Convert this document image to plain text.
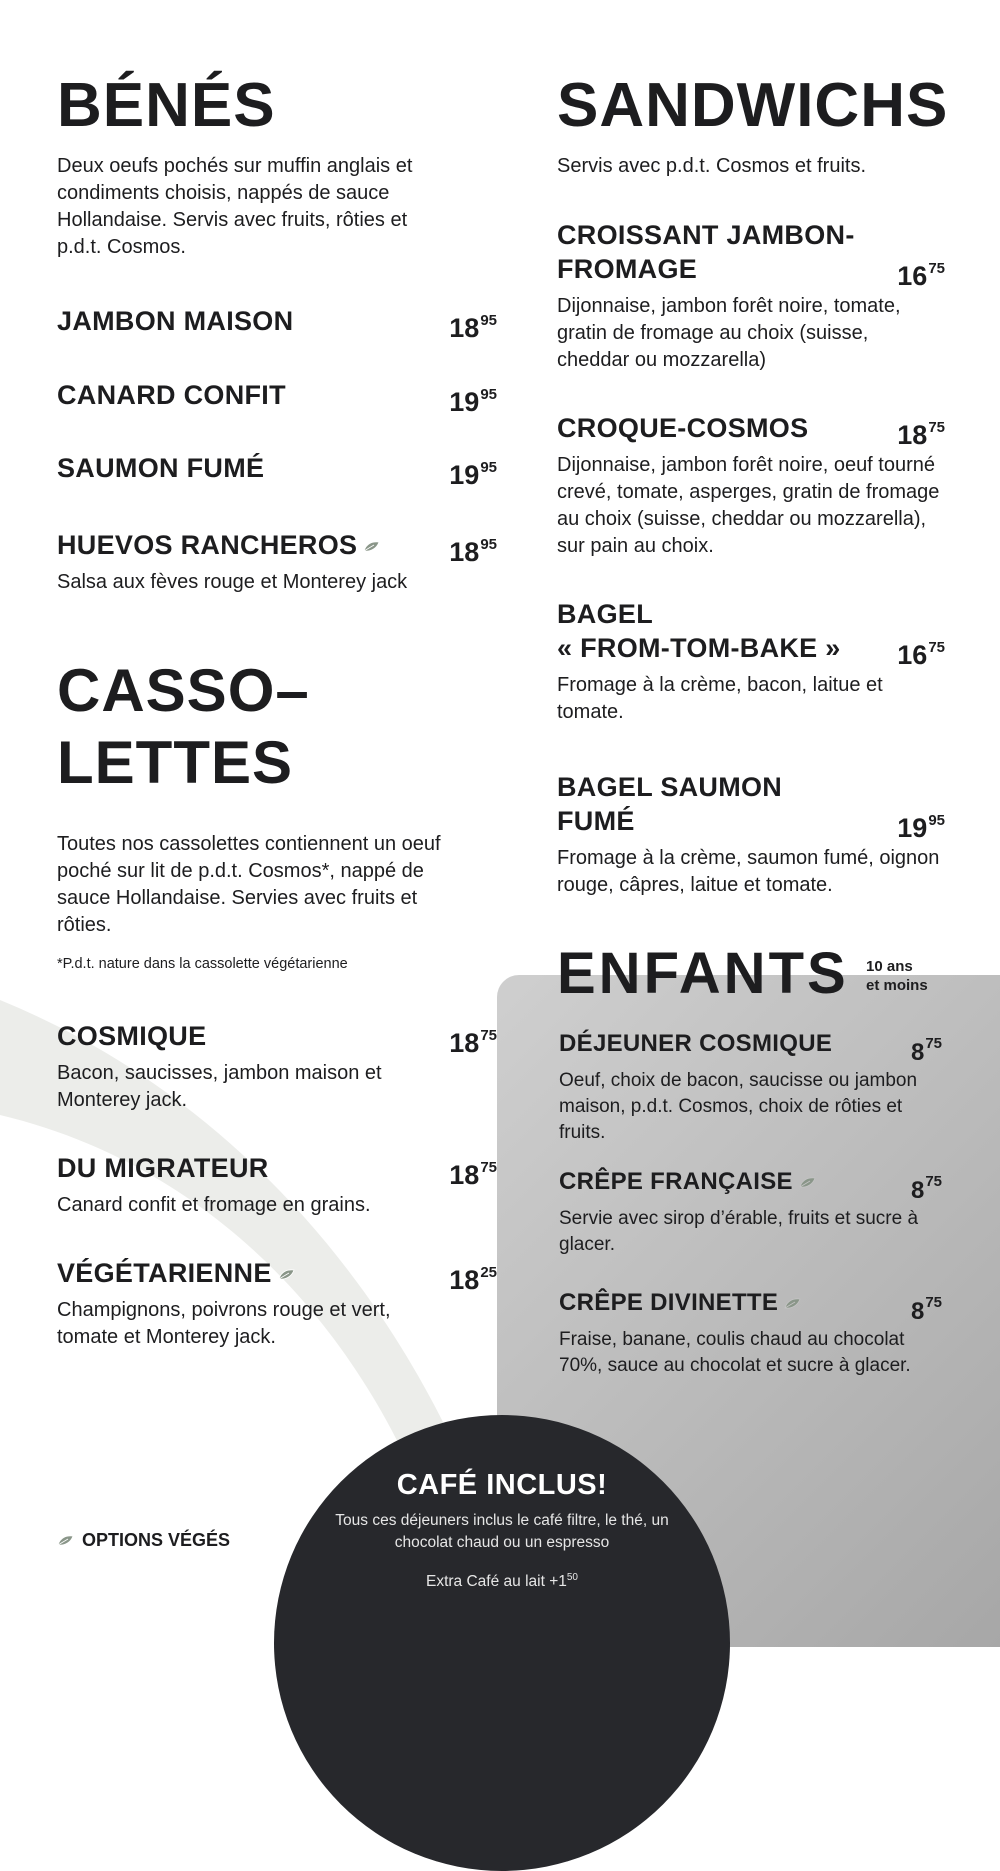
BÉNÉS
Deux oeufs pochés sur muffin anglais et condiments choisis, nappés de sauce Hollandaise. Servis avec fruits, rôties et p.d.t. Cosmos.
JAMBON MAISON	$18^{95}$
CANARD CONFIT	$19^{95}$
SAUMON FUMÉ	$19^{95}$
HUEVOS RANCHEROS	$18^{95}$
Salsa aux fèves rouge et Monterey jack
CASSO–
LETTES
Toutes nos cassolettes contiennent un oeuf poché sur lit de p.d.t. Cosmos*, nappé de sauce Hollandaise. Servies avec fruits et rôties.
*P.d.t. nature dans la cassolette végétarienne
COSMIQUE	$18^{75}$
Bacon, saucisses, jambon maison et Monterey jack.
DU MIGRATEUR	$18^{75}$
Canard confit et fromage en grains.
VÉGÉTARIENNE	$18^{25}$
Champignons, poivrons rouge et vert, tomate et Monterey jack.
SANDWICHS
Servis avec p.d.t. Cosmos et fruits.
CROISSANT JAMBON-
FROMAGE	$16^{75}$
Dijonnaise, jambon forêt noire, tomate, gratin de fromage au choix (suisse, cheddar ou mozzarella)
CROQUE-COSMOS	$18^{75}$
Dijonnaise, jambon forêt noire, oeuf tourné crevé, tomate, asperges, gratin de fromage au choix (suisse, cheddar ou mozzarella), sur pain au choix.
BAGEL
« FROM-TOM-BAKE » $16^{75}$
Fromage à la crème, bacon, laitue et tomate.
BAGEL SAUMON
FUMÉ	$19^{95}$
Fromage à la crème, saumon fumé, oignon rouge, câpres, laitue et tomate.
ENFANTS 10 ans
et moins
DÉJEUNER COSMIQUE	$8^{75}$
Oeuf, choix de bacon, saucisse ou jambon maison, p.d.t. Cosmos, choix de rôties et fruits.
CRÊPE FRANÇAISE	$8^{75}$
Servie avec sirop d’érable, fruits et sucre à glacer.
CRÊPE DIVINETTE	$8^{75}$
Fraise, banane, coulis chaud au chocolat 70%, sauce au chocolat et sucre à glacer.
CAFÉ INCLUS!
Tous ces déjeuners inclus le café filtre, le thé, un chocolat chaud ou un espresso
Extra Café au lait $+1^{50}$
OPTIONS VÉGÉS
